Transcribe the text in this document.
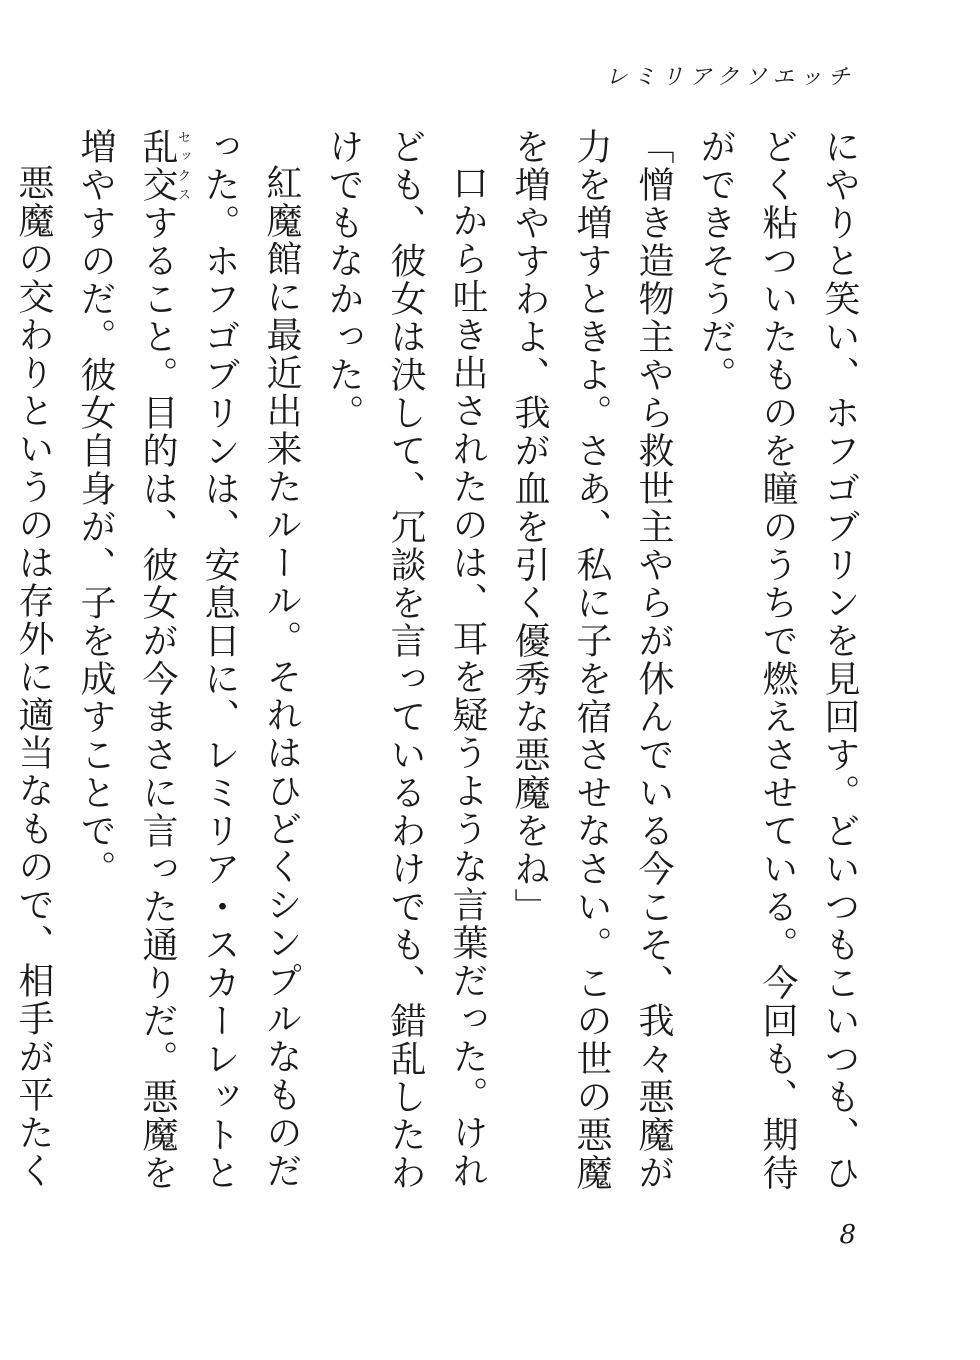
レミリアクソエッチ

にやりと笑い、ホフゴブリンを見回す。どいつもこいつも、ひどく粘ついたものを瞳のうちで燃えさせている。今回も、期待ができそうだ。

「憎き造物主やら救世主やらが休んでいる今こそ、我々悪魔が力を増すときよ。さあ、私に子を宿させなさい。この世の悪魔を増やすわよ、我が血を引く優秀な悪魔をね」

口から吐き出されたのは、耳を疑うような言葉だった。けれども、彼女は決して、冗談を言っているわけでも、錯乱したわけでもなかった。

紅魔館に最近出来たルール。それはひどくシンプルなものだった。ホフゴブリンは、安息日に、レミリア・スカーレットと乱交セックスすること。目的は、彼女が今まさに言った通りだ。悪魔を増やすのだ。彼女自身が、子を成すことで。

悪魔の交わりというのは存外に適当なもので、相手が平たく

8
